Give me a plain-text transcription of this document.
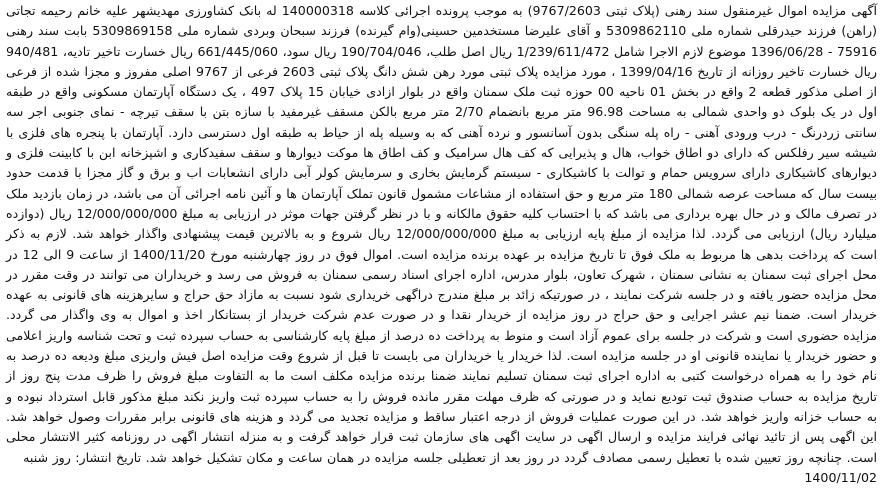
آگهی مزایده اموال غیرمنقول سند رهنی (پلاک ثبتی 9767/2603) به موجب پرونده اجرائی کلاسه 140000318 له بانک کشاورزی مهدیشهر علیه خانم رحیمه تجاتی (راهن) فرزند حیدرقلی شماره ملی 5309862110 و آقای علیرضا مستخدمین حسینی(وام گیرنده) فرزند سبحان وبردی شماره ملی 5309869158 بابت سند رهنی 75916 - 1396/06/28 موضوع لازم الاجرا شامل 1/239/611/472 ریال اصل طلب، 190/704/046 ریال سود، 661/445/060 ریال خسارت تاخیر تادیه، 940/481 ریال خسارت تاخیر روزانه از تاریخ 1399/04/16 ، مورد مزایده پلاک ثبتی مورد رهن شش دانگ پلاک ثبتی 2603 فرعی از 9767 اصلی مفروز و مجزا شده از فرعی از اصلی مذکور قطعه 2 واقع در بخش 01 ناحیه 00 حوزه ثبت ملک سمنان واقع در بلوار ازادی خیابان 15 پلاک 497 ، یک دستگاه آپارتمان مسکونی واقع در طبقه اول در یک بلوک دو واحدی شمالی به مساحت 96.98 متر مربع بانضمام 2/70 متر مربع بالکن مسقف غیرمفید با سازه بتن با سقف تیرچه - نمای جنوبی اجر سه سانتی زردرنگ - درب ورودی آهنی - راه پله سنگی بدون آسانسور و نرده آهنی که به وسیله پله از حیاط به طبقه اول دسترسی دارد. آپارتمان با پنجره های فلزی با شیشه سیر رفلکس که دارای دو اطاق خواب، هال و پذیرایی که کف هال سرامیک و کف اطاق ها موکت دیوارها و سقف سفیدکاری و اشپزخانه ابن با کابینت فلزی و دیوارهای کاشیکاری دارای سرویس حمام و توالت با کاشیکاری - سیستم گرمایش بخاری و سرمایش کولر آبی دارای انشعابات اب و برق و گاز مجزا با قدمت حدود بیست سال که مساحت عرصه شمالی 180 متر مربع و حق استفاده از مشاعات مشمول قانون تملک آپارتمان ها و آئین نامه اجرائی آن می باشد، در زمان بازدید ملک در تصرف مالک و در حال بهره برداری می باشد که با احتساب کلیه حقوق مالکانه و با در نظر گرفتن جهات موثر در ارزیابی به مبلغ 12/000/000/000 ریال (دوازده میلیارد ریال) ارزیابی می گردد. لذا مزایده از مبلغ پایه ارزیابی به مبلغ 12/000/000/000 ریال شروع و به بالاترین قیمت پیشنهادی واگذار خواهد شد. لازم به ذکر است که پرداخت بدهی ها مربوط به ملک فوق تا تاریخ مزایده بر عهده برنده مزایده است. اموال فوق در روز چهارشنبه مورخ 1400/11/20 از ساعت 9 الی 12 در محل اجرای ثبت سمنان به نشانی سمنان ، شهرک تعاون، بلوار مدرس، اداره اجرای اسناد رسمی سمنان به فروش می رسد و خریداران می توانند در وقت مقرر در محل مزایده حضور یافته و در جلسه شرکت نمایند ، در صورتیکه زائد بر مبلغ مندرج دراگهی خریداری شود نسبت به مازاد حق حراج و سایرهزینه های قانونی به عهده خریدار است. ضمنا نیم عشر اجرایی و حق حراج در روز مزایده از خریدار نقدا و در صورت عدم شرکت خریدار از بستانکار اخذ و اموال به وی واگذار می گردد. مزایده حضوری است و شرکت در جلسه برای عموم آزاد است و منوط به پرداخت ده درصد از مبلغ پایه کارشناسی به حساب سپرده ثبت و تحت شناسه واریز اعلامی و حضور خریدار یا نماینده قانونی او در جلسه مزایده است. لذا خریدار یا خریداران می بایست تا قبل از شروع وقت مزایده اصل فیش واریزی مبلغ ودیعه ده درصد به نام خود را به همراه درخواست کتبی به اداره اجرای ثبت سمنان تسلیم نمایند ضمنا برنده مزایده مکلف است ما به التفاوت مبلغ فروش را ظرف مدت پنج روز از تاریخ مزایده به حساب صندوق ثبت تودیع نماید و در صورتی که ظرف مهلت مقرر مانده فروش را به حساب سپرده ثبت واریز نکند مبلغ مذکور قابل استرداد نبوده و به حساب خزانه واریز خواهد شد. در این صورت عملیات فروش از درجه اعتبار ساقط و مزایده تجدید می گردد و هزینه های قانونی برابر مقررات وصول خواهد شد. این اگهی پس از تائید نهائی فرایند مزایده و ارسال اگهی در سایت اگهی های سازمان ثبت قرار خواهد گرفت و به منزله انتشار اگهی در روزنامه کثیر الانتشار محلی است. چنانچه روز تعیین شده با تعطیل رسمی مصادف گردد در روز بعد از تعطیلی جلسه مزایده در همان ساعت و مکان تشکیل خواهد شد. تاریخ انتشار: روز شنبه

1400/11/02
